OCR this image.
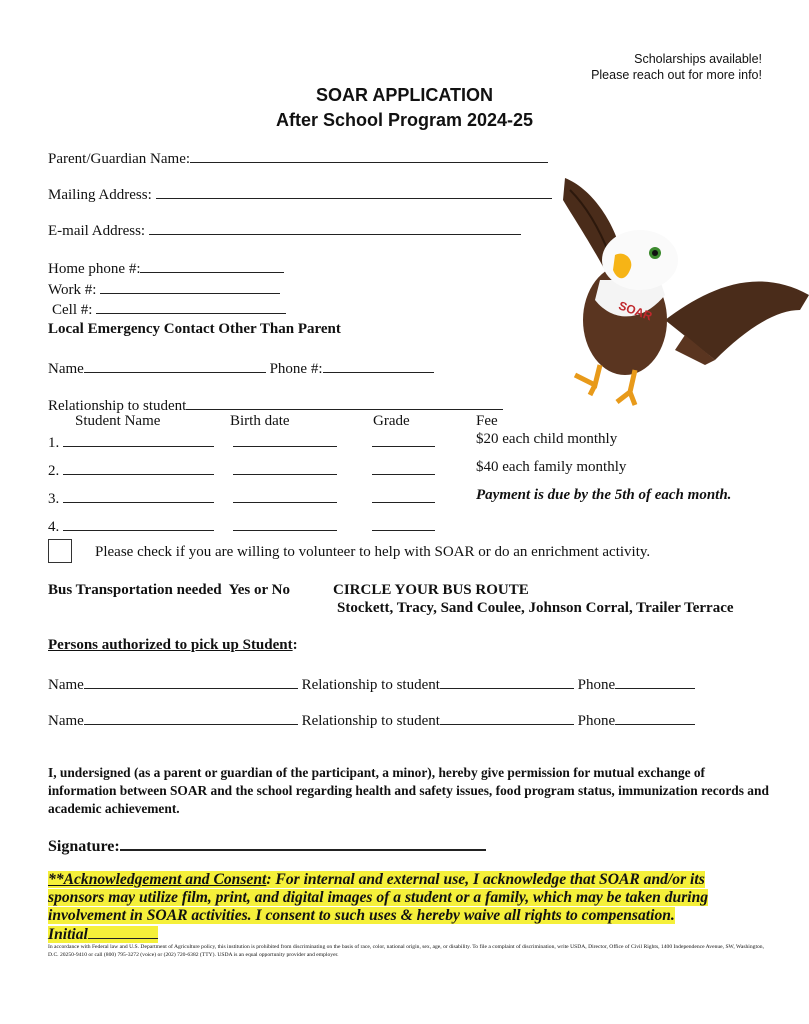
Scholarships available!
Please reach out for more info!
SOAR APPLICATION
After School Program 2024-25
Parent/Guardian Name:
Mailing Address:
E-mail Address:
Home phone #:
Work #:
Cell #:
Local Emergency Contact Other Than Parent
Name	Phone #:
Relationship to student
Student Name	Birth date	Grade	Fee
1.
2.
3.
4.
$20 each child monthly
$40 each family monthly
Payment is due by the 5th of each month.
Please check if you are willing to volunteer to help with SOAR or do an enrichment activity.
Bus Transportation needed  Yes or No	CIRCLE YOUR BUS ROUTE
Stockett, Tracy, Sand Coulee, Johnson Corral, Trailer Terrace
Persons authorized to pick up Student:
Name	Relationship to student	Phone
Name	Relationship to student	Phone
I, undersigned (as a parent or guardian of the participant, a minor), hereby give permission for mutual exchange of information between SOAR and the school regarding health and safety issues, food program status, immunization records and academic achievement.
Signature:
**Acknowledgement and Consent: For internal and external use, I acknowledge that SOAR and/or its sponsors may utilize film, print, and digital images of a student or a family, which may be taken during involvement in SOAR activities. I consent to such uses & hereby waive all rights to compensation.
Initial
In accordance with Federal law and U.S. Department of Agriculture policy, this institution is prohibited from discriminating on the basis of race, color, national origin, sex, age, or disability. To file a complaint of discrimination, write USDA, Director, Office of Civil Rights, 1400 Independence Avenue, SW, Washington, D.C. 20250-9410 or call (800) 795-3272 (voice) or (202) 720-6382 (TTY). USDA is an equal opportunity provider and employer.
SOAR
